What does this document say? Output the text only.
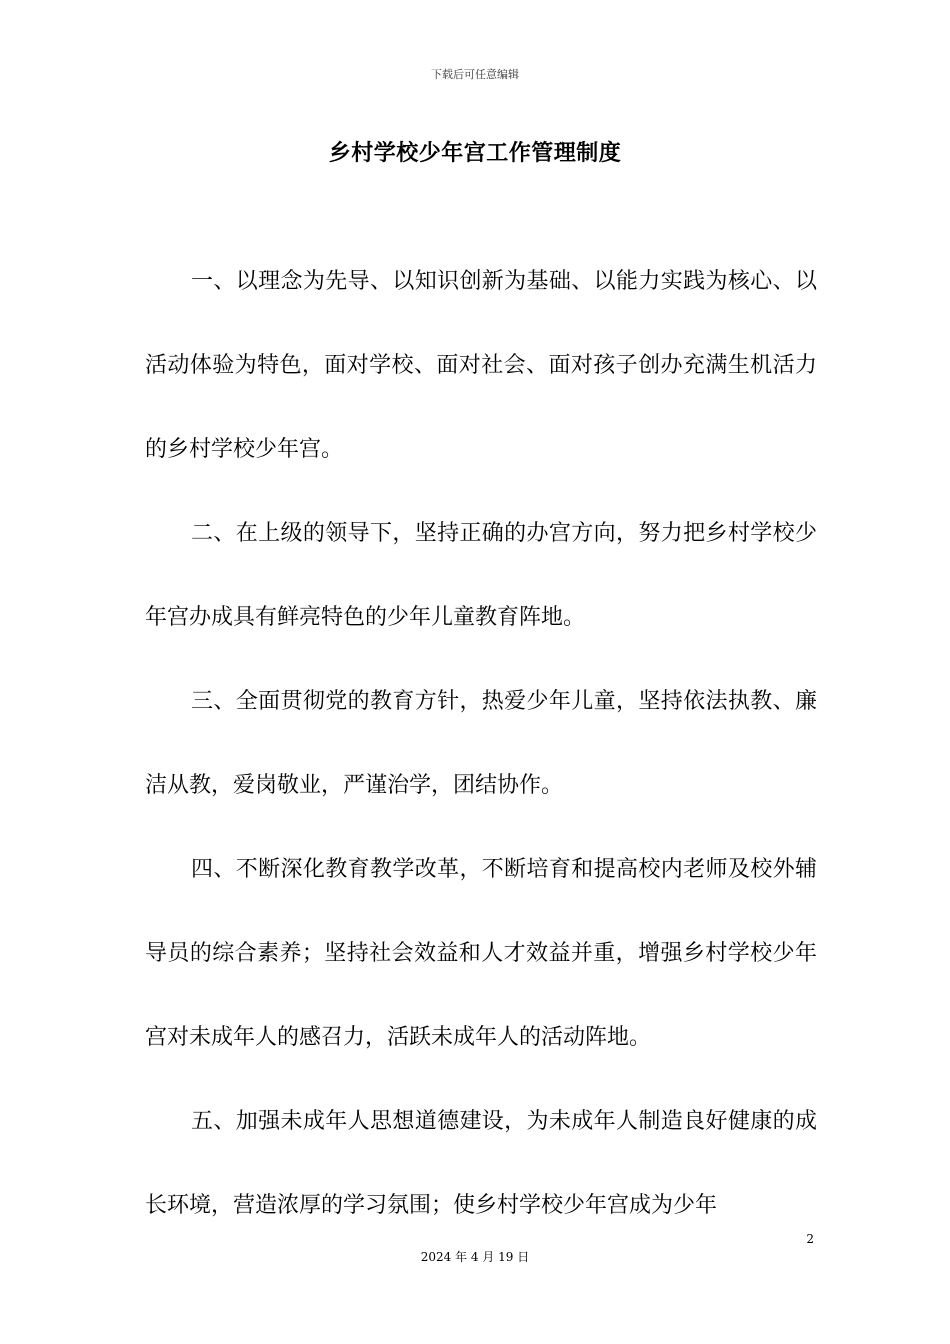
下载后可任意编辑
乡村学校少年宫工作管理制度

一、以理念为先导、以知识创新为基础、以能力实践为核心、以活动体验为特色，面对学校、面对社会、面对孩子创办充满生机活力的乡村学校少年宫。

二、在上级的领导下，坚持正确的办宫方向，努力把乡村学校少年宫办成具有鲜亮特色的少年儿童教育阵地。

三、全面贯彻党的教育方针，热爱少年儿童，坚持依法执教、廉洁从教，爱岗敬业，严谨治学，团结协作。

四、不断深化教育教学改革，不断培育和提高校内老师及校外辅导员的综合素养；坚持社会效益和人才效益并重，增强乡村学校少年宫对未成年人的感召力，活跃未成年人的活动阵地。

五、加强未成年人思想道德建设，为未成年人制造良好健康的成长环境，营造浓厚的学习氛围；使乡村学校少年宫成为少年

2
2024 年 4 月 19 日
